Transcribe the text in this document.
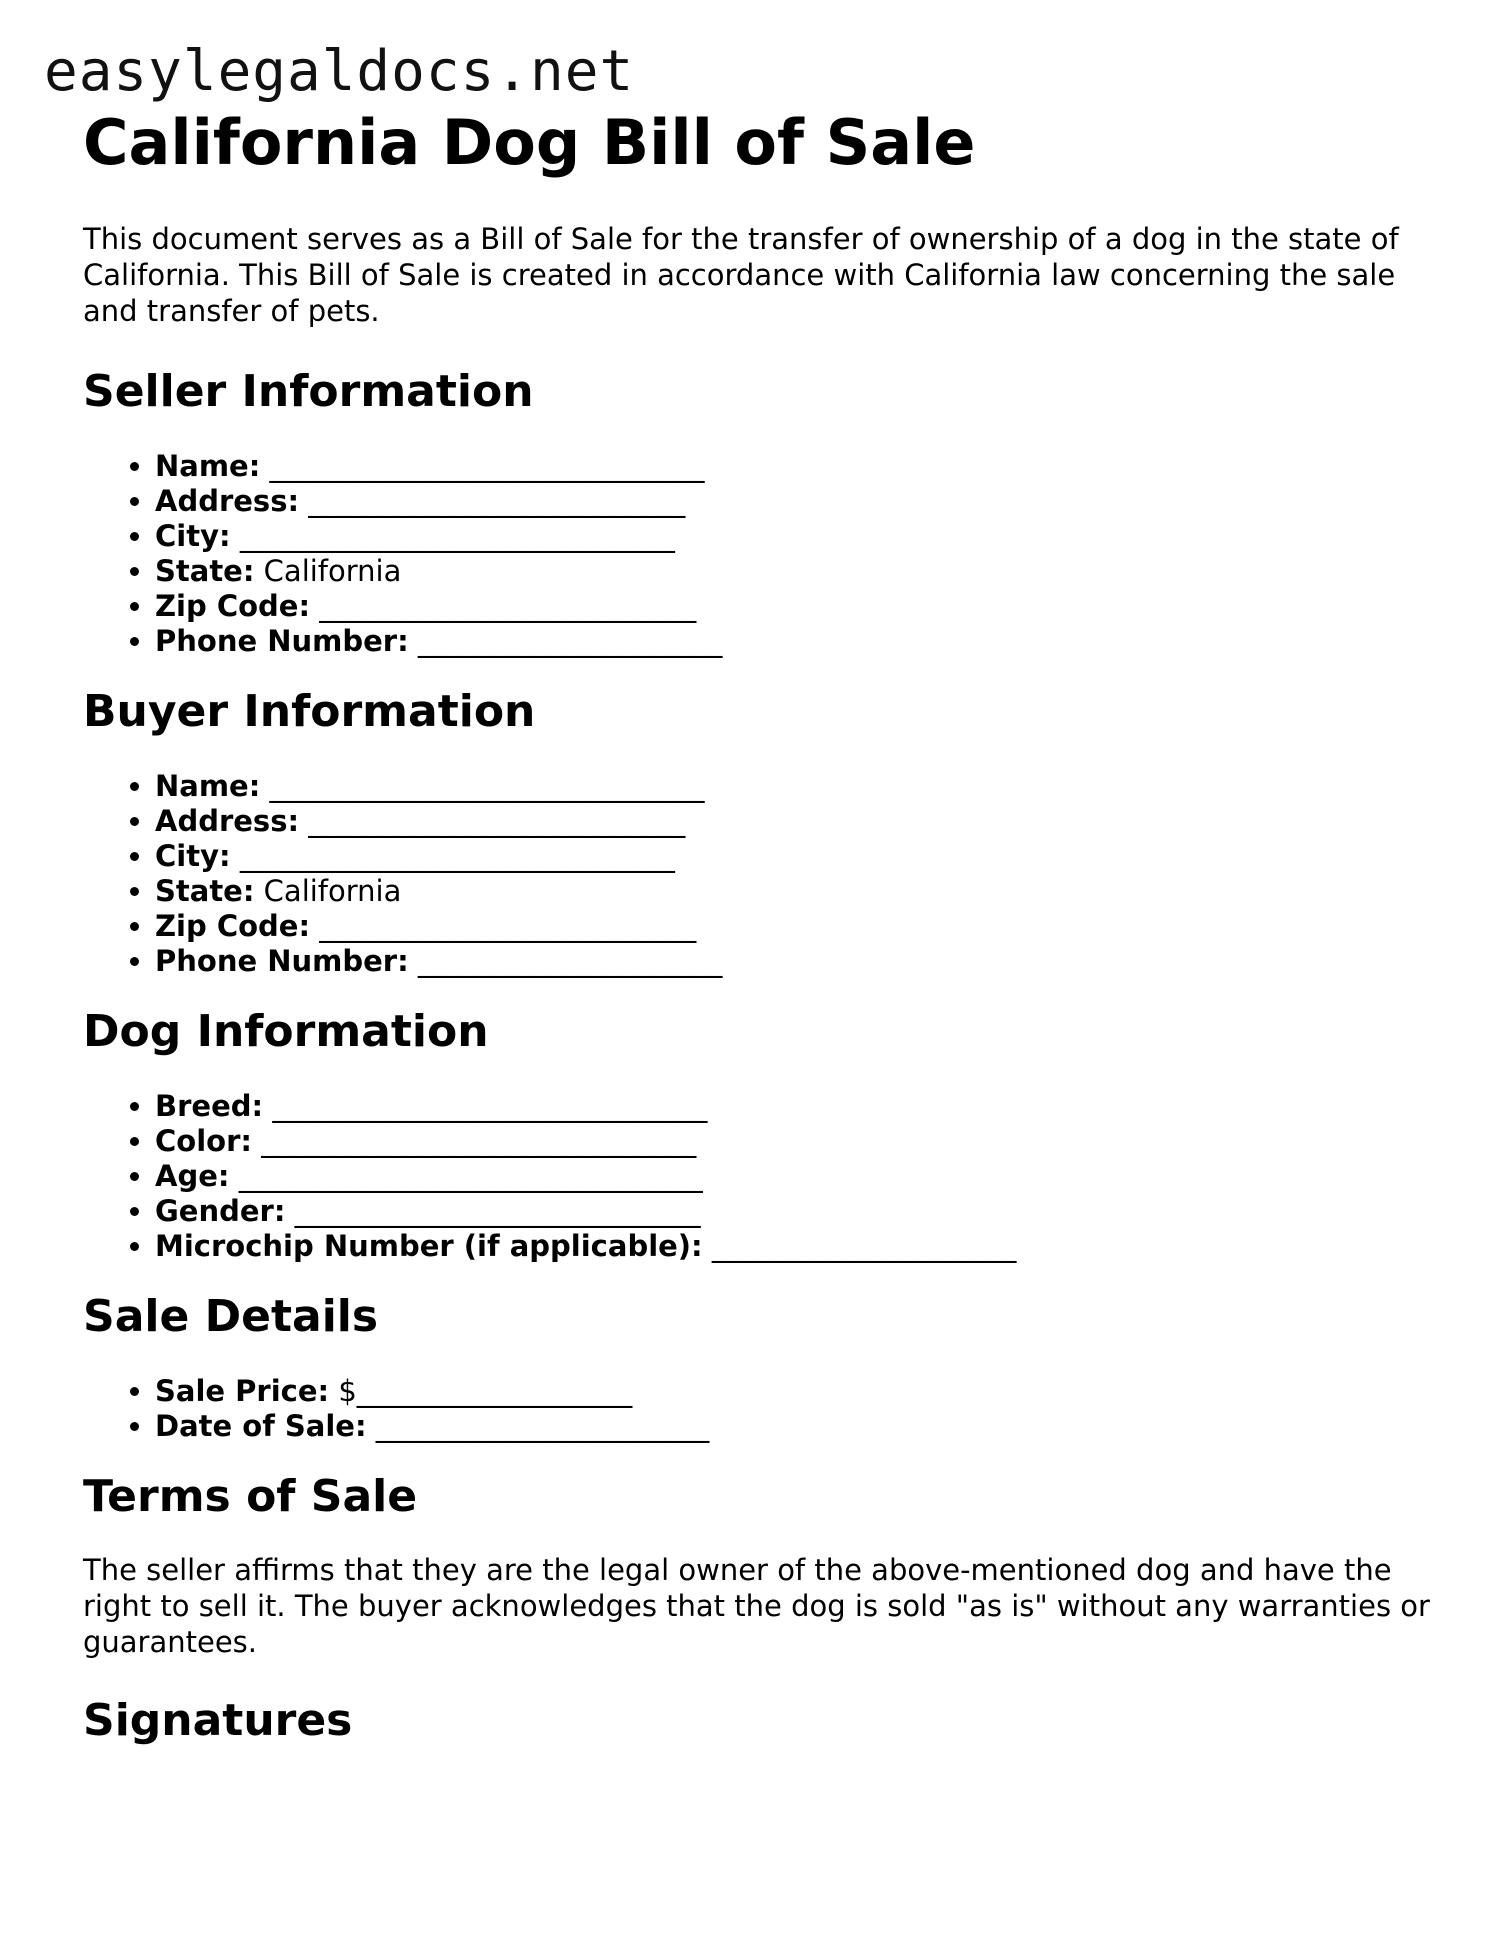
easylegaldocs.net
California Dog Bill of Sale

This document serves as a Bill of Sale for the transfer of ownership of a dog in the state of California. This Bill of Sale is created in accordance with California law concerning the sale and transfer of pets.

Seller Information
• Name: ______________________________
• Address: __________________________
• City: ______________________________
• State: California
• Zip Code: __________________________
• Phone Number: _____________________
Buyer Information
• Name: ______________________________
• Address: __________________________
• City: ______________________________
• State: California
• Zip Code: __________________________
• Phone Number: _____________________
Dog Information
• Breed: ______________________________
• Color: ______________________________
• Age: ________________________________
• Gender: ____________________________
• Microchip Number (if applicable): _____________________
Sale Details
• Sale Price: $___________________
• Date of Sale: _______________________
Terms of Sale

The seller affirms that they are the legal owner of the above-mentioned dog and have the right to sell it. The buyer acknowledges that the dog is sold "as is" without any warranties or guarantees.

Signatures
